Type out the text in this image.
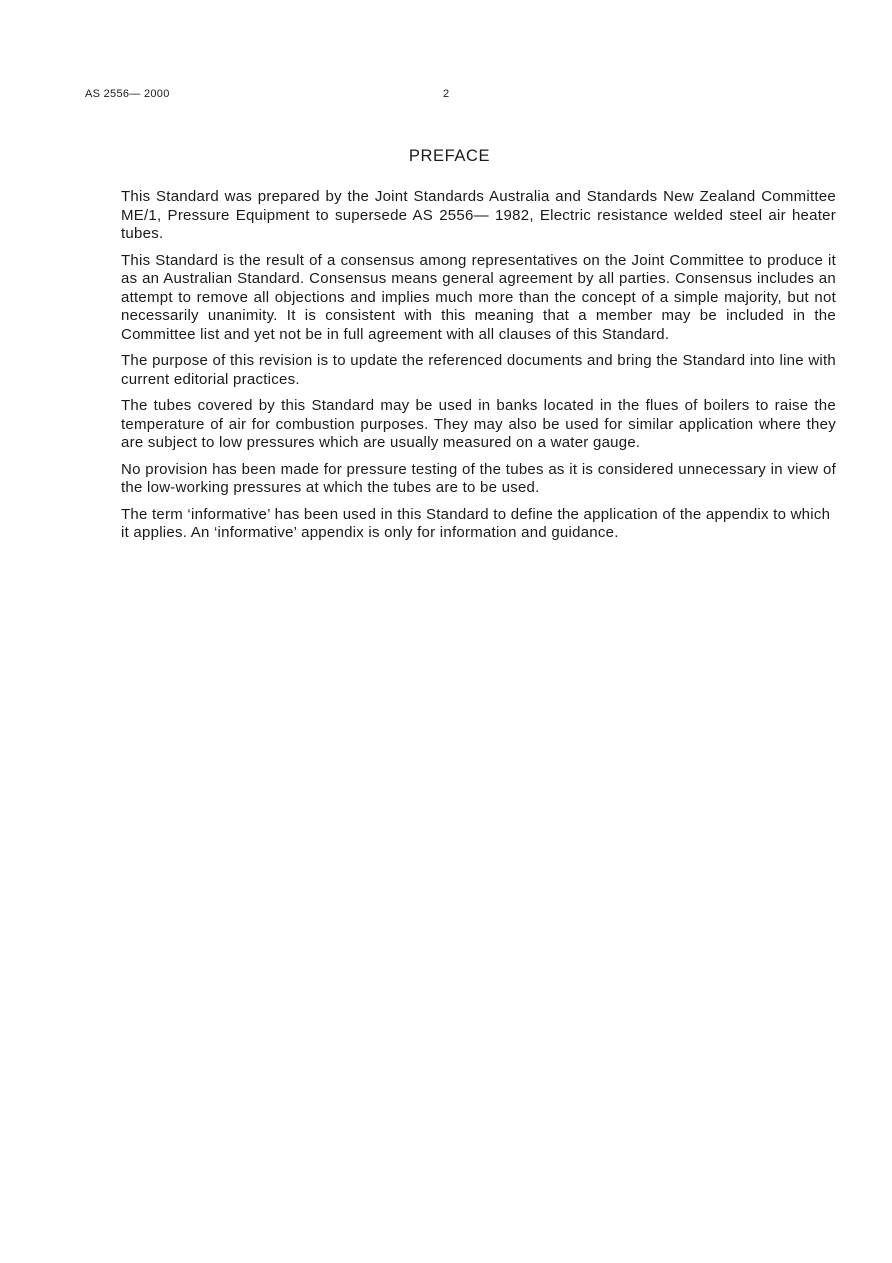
AS 2556— 2000	2
PREFACE

This Standard was prepared by the Joint Standards Australia and Standards New Zealand Committee ME/1, Pressure Equipment to supersede AS 2556— 1982, Electric resistance welded steel air heater tubes.

This Standard is the result of a consensus among representatives on the Joint Committee to produce it as an Australian Standard. Consensus means general agreement by all parties. Consensus includes an attempt to remove all objections and implies much more than the concept of a simple majority, but not necessarily unanimity. It is consistent with this meaning that a member may be included in the Committee list and yet not be in full agreement with all clauses of this Standard.

The purpose of this revision is to update the referenced documents and bring the Standard into line with current editorial practices.

The tubes covered by this Standard may be used in banks located in the flues of boilers to raise the temperature of air for combustion purposes. They may also be used for similar application where they are subject to low pressures which are usually measured on a water gauge.

No provision has been made for pressure testing of the tubes as it is considered unnecessary in view of the low-working pressures at which the tubes are to be used.

The term ‘informative’ has been used in this Standard to define the application of the appendix to which it applies. An ‘informative’ appendix is only for information and guidance.
